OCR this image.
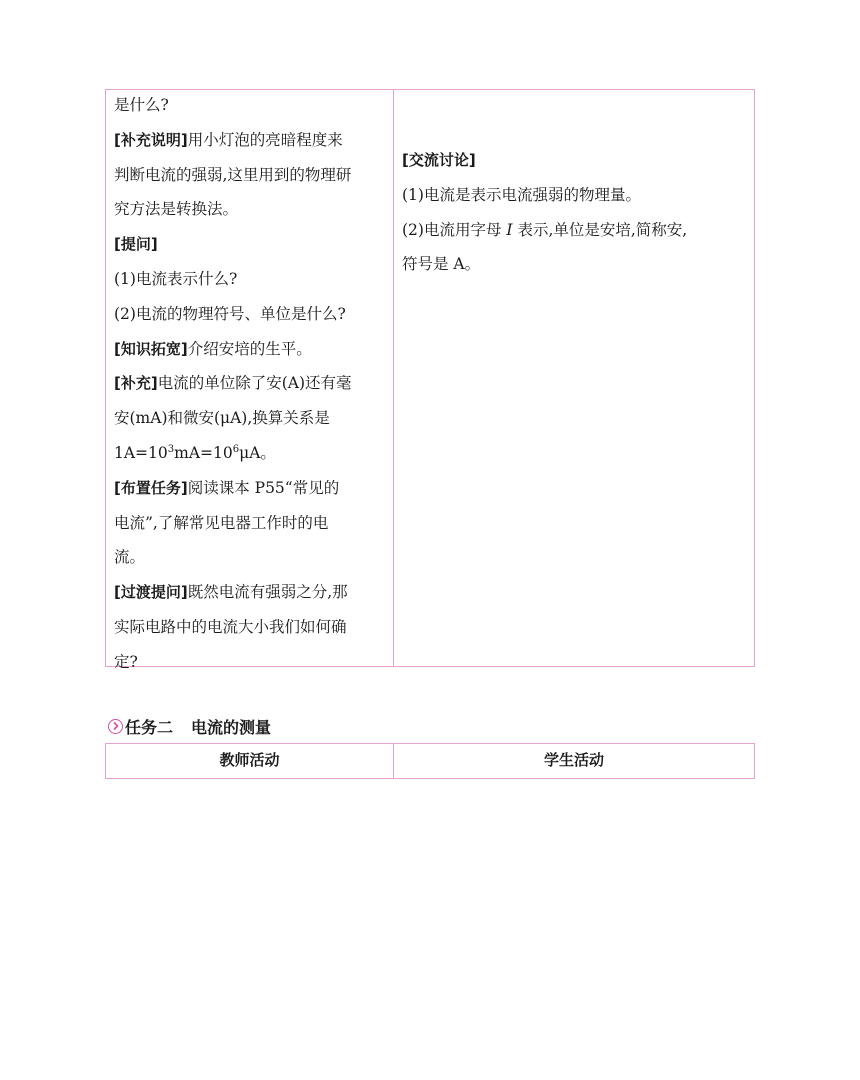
是什么?
[补充说明]用小灯泡的亮暗程度来
判断电流的强弱,这里用到的物理研
究方法是转换法。
[提问]
(1)电流表示什么?
(2)电流的物理符号、单位是什么?
[知识拓宽]介绍安培的生平。
[补充]电流的单位除了安(A)还有毫
安(mA)和微安(μA),换算关系是
$1A=10^3mA=10^6\mu A$。
[布置任务]阅读课本 P55“常见的
电流”,了解常见电器工作时的电
流。
[过渡提问]既然电流有强弱之分,那
实际电路中的电流大小我们如何确
定?
[交流讨论]
(1)电流是表示电流强弱的物理量。
(2)电流用字母 I 表示,单位是安培,简称安,
符号是 A。
任务二 电流的测量
教师活动	学生活动
